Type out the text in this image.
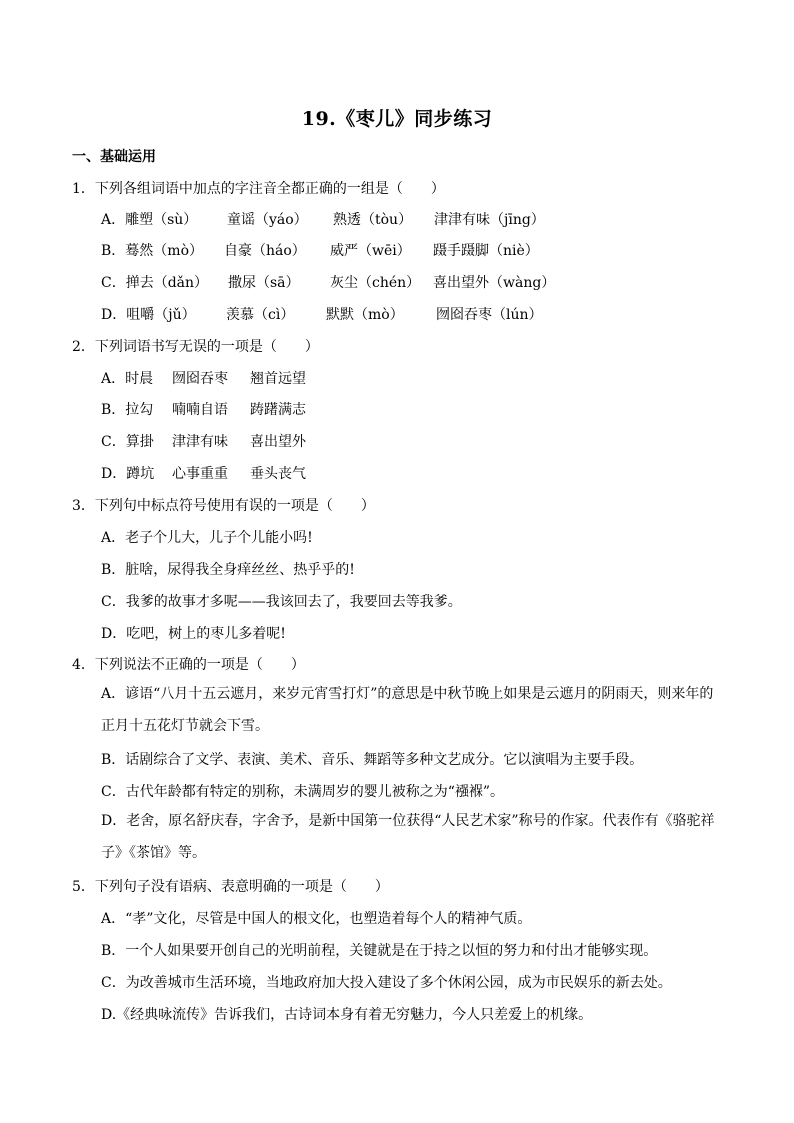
19.《枣儿》同步练习
一、基础运用
1．下列各组词语中加点的字注音全都正确的一组是（　　）
A．雕塑（sù） 童谣（yáo） 熟透（tòu） 津津有味（jīng）
B．蓦然（mò） 自豪（háo） 威严（wēi） 蹑手蹑脚（niè）
C．掸去（dǎn） 撒尿（sā） 灰尘（chén） 喜出望外（wàng）
D．咀嚼（jǔ） 羡慕（cì） 默默（mò） 囫囵吞枣（lún）
2．下列词语书写无误的一项是（　　）
A．时晨 囫囵吞枣 翘首远望
B．拉勾 喃喃自语 踌躇满志
C．算掛 津津有味 喜出望外
D．蹲坑 心事重重 垂头丧气
3．下列句中标点符号使用有误的一项是（　　）
A．老子个儿大，儿子个儿能小吗!
B．脏啥，尿得我全身痒丝丝、热乎乎的!
C．我爹的故事才多呢——我该回去了，我要回去等我爹。
D．吃吧，树上的枣儿多着呢!
4．下列说法不正确的一项是（　　）
A．谚语“八月十五云遮月，来岁元宵雪打灯”的意思是中秋节晚上如果是云遮月的阴雨天，则来年的正月十五花灯节就会下雪。
B．话剧综合了文学、表演、美术、音乐、舞蹈等多种文艺成分。它以演唱为主要手段。
C．古代年龄都有特定的别称，未满周岁的婴儿被称之为“襁褓”。
D．老舍，原名舒庆春，字舍予，是新中国第一位获得“人民艺术家”称号的作家。代表作有《骆驼祥子》《茶馆》等。
5．下列句子没有语病、表意明确的一项是（　　）
A．“孝”文化，尽管是中国人的根文化，也塑造着每个人的精神气质。
B．一个人如果要开创自己的光明前程，关键就是在于持之以恒的努力和付出才能够实现。
C．为改善城市生活环境，当地政府加大投入建设了多个休闲公园，成为市民娱乐的新去处。
D.《经典咏流传》告诉我们，古诗词本身有着无穷魅力，今人只差爱上的机缘。
